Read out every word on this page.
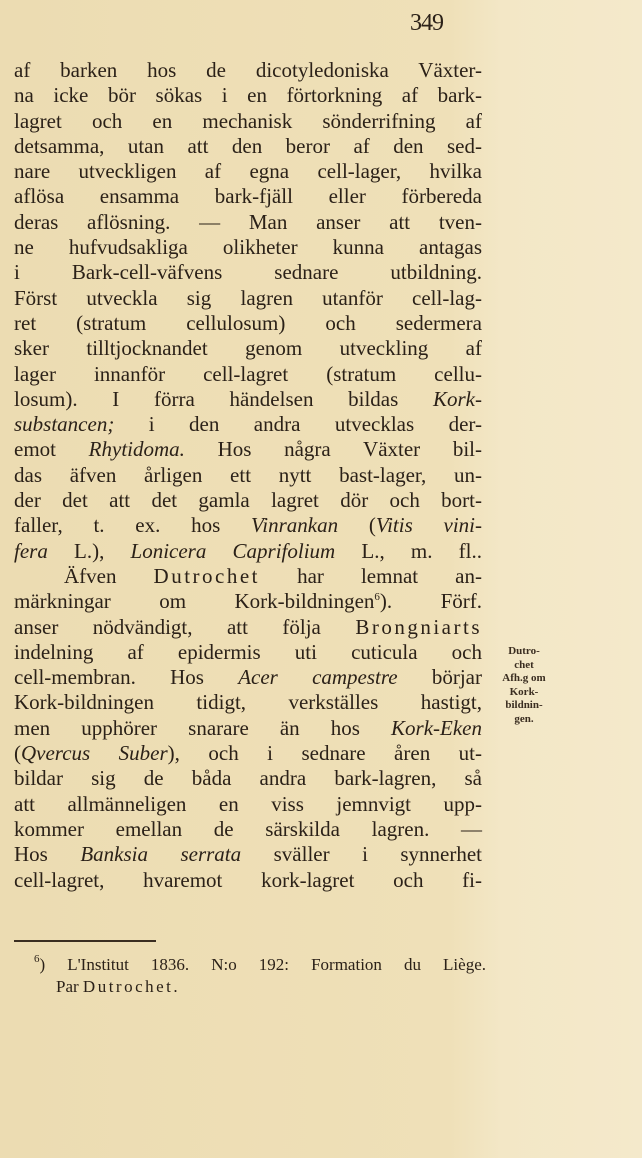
349
af barken hos de dicotyledoniska Växter-
na icke bör sökas i en förtorkning af bark-
lagret och en mechanisk sönderrifning af
detsamma, utan att den beror af den sed-
nare utveckligen af egna cell-lager, hvilka
aflösa ensamma bark-fjäll eller förbereda
deras aflösning. — Man anser att tven-
ne hufvudsakliga olikheter kunna antagas
i Bark-cell-väfvens sednare utbildning.
Först utveckla sig lagren utanför cell-lag-
ret (stratum cellulosum) och sedermera
sker tilltjocknandet genom utveckling af
lager innanför cell-lagret (stratum cellu-
losum). I förra händelsen bildas Kork-
substancen; i den andra utvecklas der-
emot Rhytidoma. Hos några Växter bil-
das äfven årligen ett nytt bast-lager, un-
der det att det gamla lagret dör och bort-
faller, t. ex. hos Vinrankan (Vitis vini-
fera L.), Lonicera Caprifolium L., m. fl..
Äfven Dutrochet har lemnat an-
märkningar om Kork-bildningen$^6$). Förf.
anser nödvändigt, att följa Brongniarts
indelning af epidermis uti cuticula och
cell-membran. Hos Acer campestre börjar
Kork-bildningen tidigt, verkställes hastigt,
men upphörer snarare än hos Kork-Eken
(Qvercus Suber), och i sednare åren ut-
bildar sig de båda andra bark-lagren, så
att allmänneligen en viss jemnvigt upp-
kommer emellan de särskilda lagren. —
Hos Banksia serrata sväller i synnerhet
cell-lagret, hvaremot kork-lagret och fi-
Dutro-
chet
Afh.g om
Kork-
bildnin-
gen.
$^6$) L'Institut 1836. N:o 192: Formation du Liège.
Par Dutrochet.
